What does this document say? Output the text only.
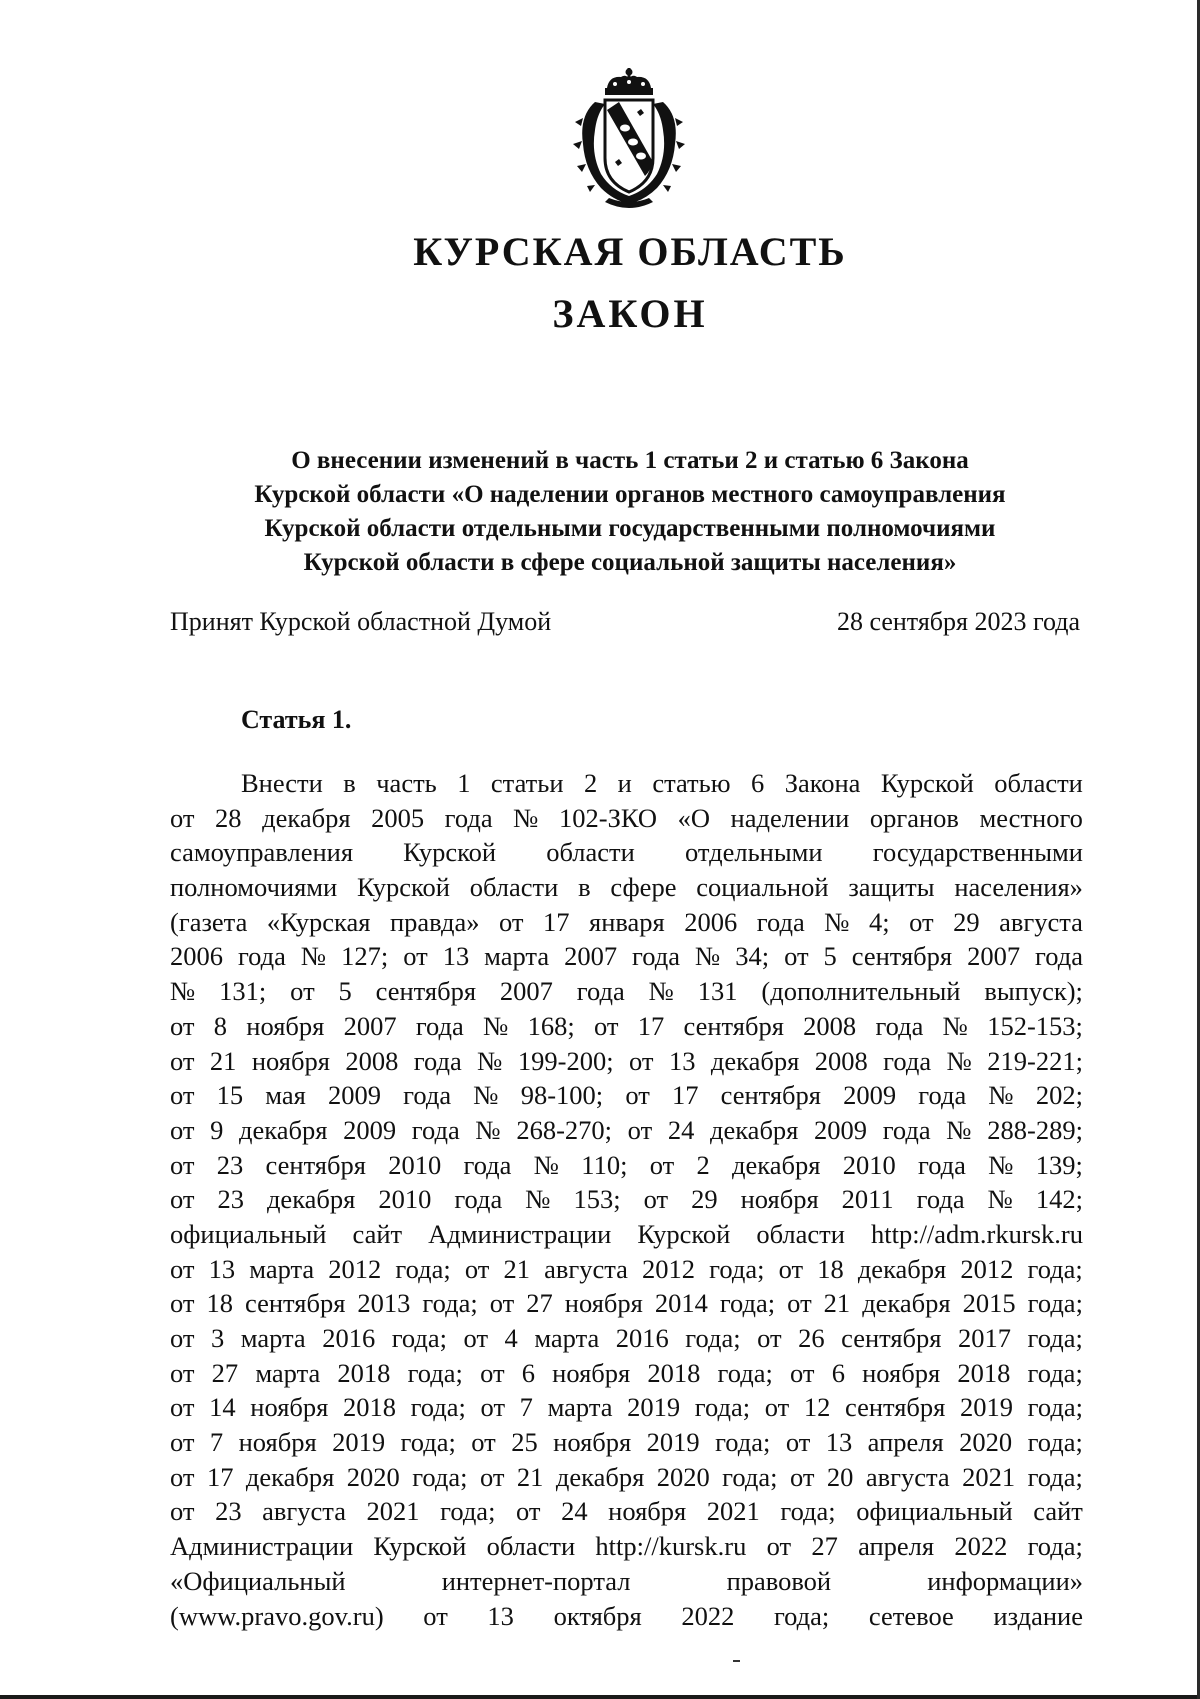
КУРСКАЯ ОБЛАСТЬ
ЗАКОН
О внесении изменений в часть 1 статьи 2 и статью 6 Закона
Курской области «О наделении органов местного самоуправления
Курской области отдельными государственными полномочиями
Курской области в сфере социальной защиты населения»
Принят Курской областной Думой	28 сентября 2023 года
Статья 1.
Внести в часть 1 статьи 2 и статью 6 Закона Курской области
от 28 декабря 2005 года № 102-ЗКО «О наделении органов местного
самоуправления Курской области отдельными государственными
полномочиями Курской области в сфере социальной защиты населения»
(газета «Курская правда» от 17 января 2006 года № 4; от 29 августа
2006 года № 127; от 13 марта 2007 года № 34; от 5 сентября 2007 года
№ 131; от 5 сентября 2007 года № 131 (дополнительный выпуск);
от 8 ноября 2007 года № 168; от 17 сентября 2008 года № 152-153;
от 21 ноября 2008 года № 199-200; от 13 декабря 2008 года № 219-221;
от 15 мая 2009 года № 98-100; от 17 сентября 2009 года № 202;
от 9 декабря 2009 года № 268-270; от 24 декабря 2009 года № 288-289;
от 23 сентября 2010 года № 110; от 2 декабря 2010 года № 139;
от 23 декабря 2010 года № 153; от 29 ноября 2011 года № 142;
официальный сайт Администрации Курской области http://adm.rkursk.ru
от 13 марта 2012 года; от 21 августа 2012 года; от 18 декабря 2012 года;
от 18 сентября 2013 года; от 27 ноября 2014 года; от 21 декабря 2015 года;
от 3 марта 2016 года; от 4 марта 2016 года; от 26 сентября 2017 года;
от 27 марта 2018 года; от 6 ноября 2018 года; от 6 ноября 2018 года;
от 14 ноября 2018 года; от 7 марта 2019 года; от 12 сентября 2019 года;
от 7 ноября 2019 года; от 25 ноября 2019 года; от 13 апреля 2020 года;
от 17 декабря 2020 года; от 21 декабря 2020 года; от 20 августа 2021 года;
от 23 августа 2021 года; от 24 ноября 2021 года; официальный сайт
Администрации Курской области http://kursk.ru от 27 апреля 2022 года;
«Официальный	интернет-портал	правовой	информации»
(www.pravo.gov.ru) от 13 октября 2022 года; сетевое издание
